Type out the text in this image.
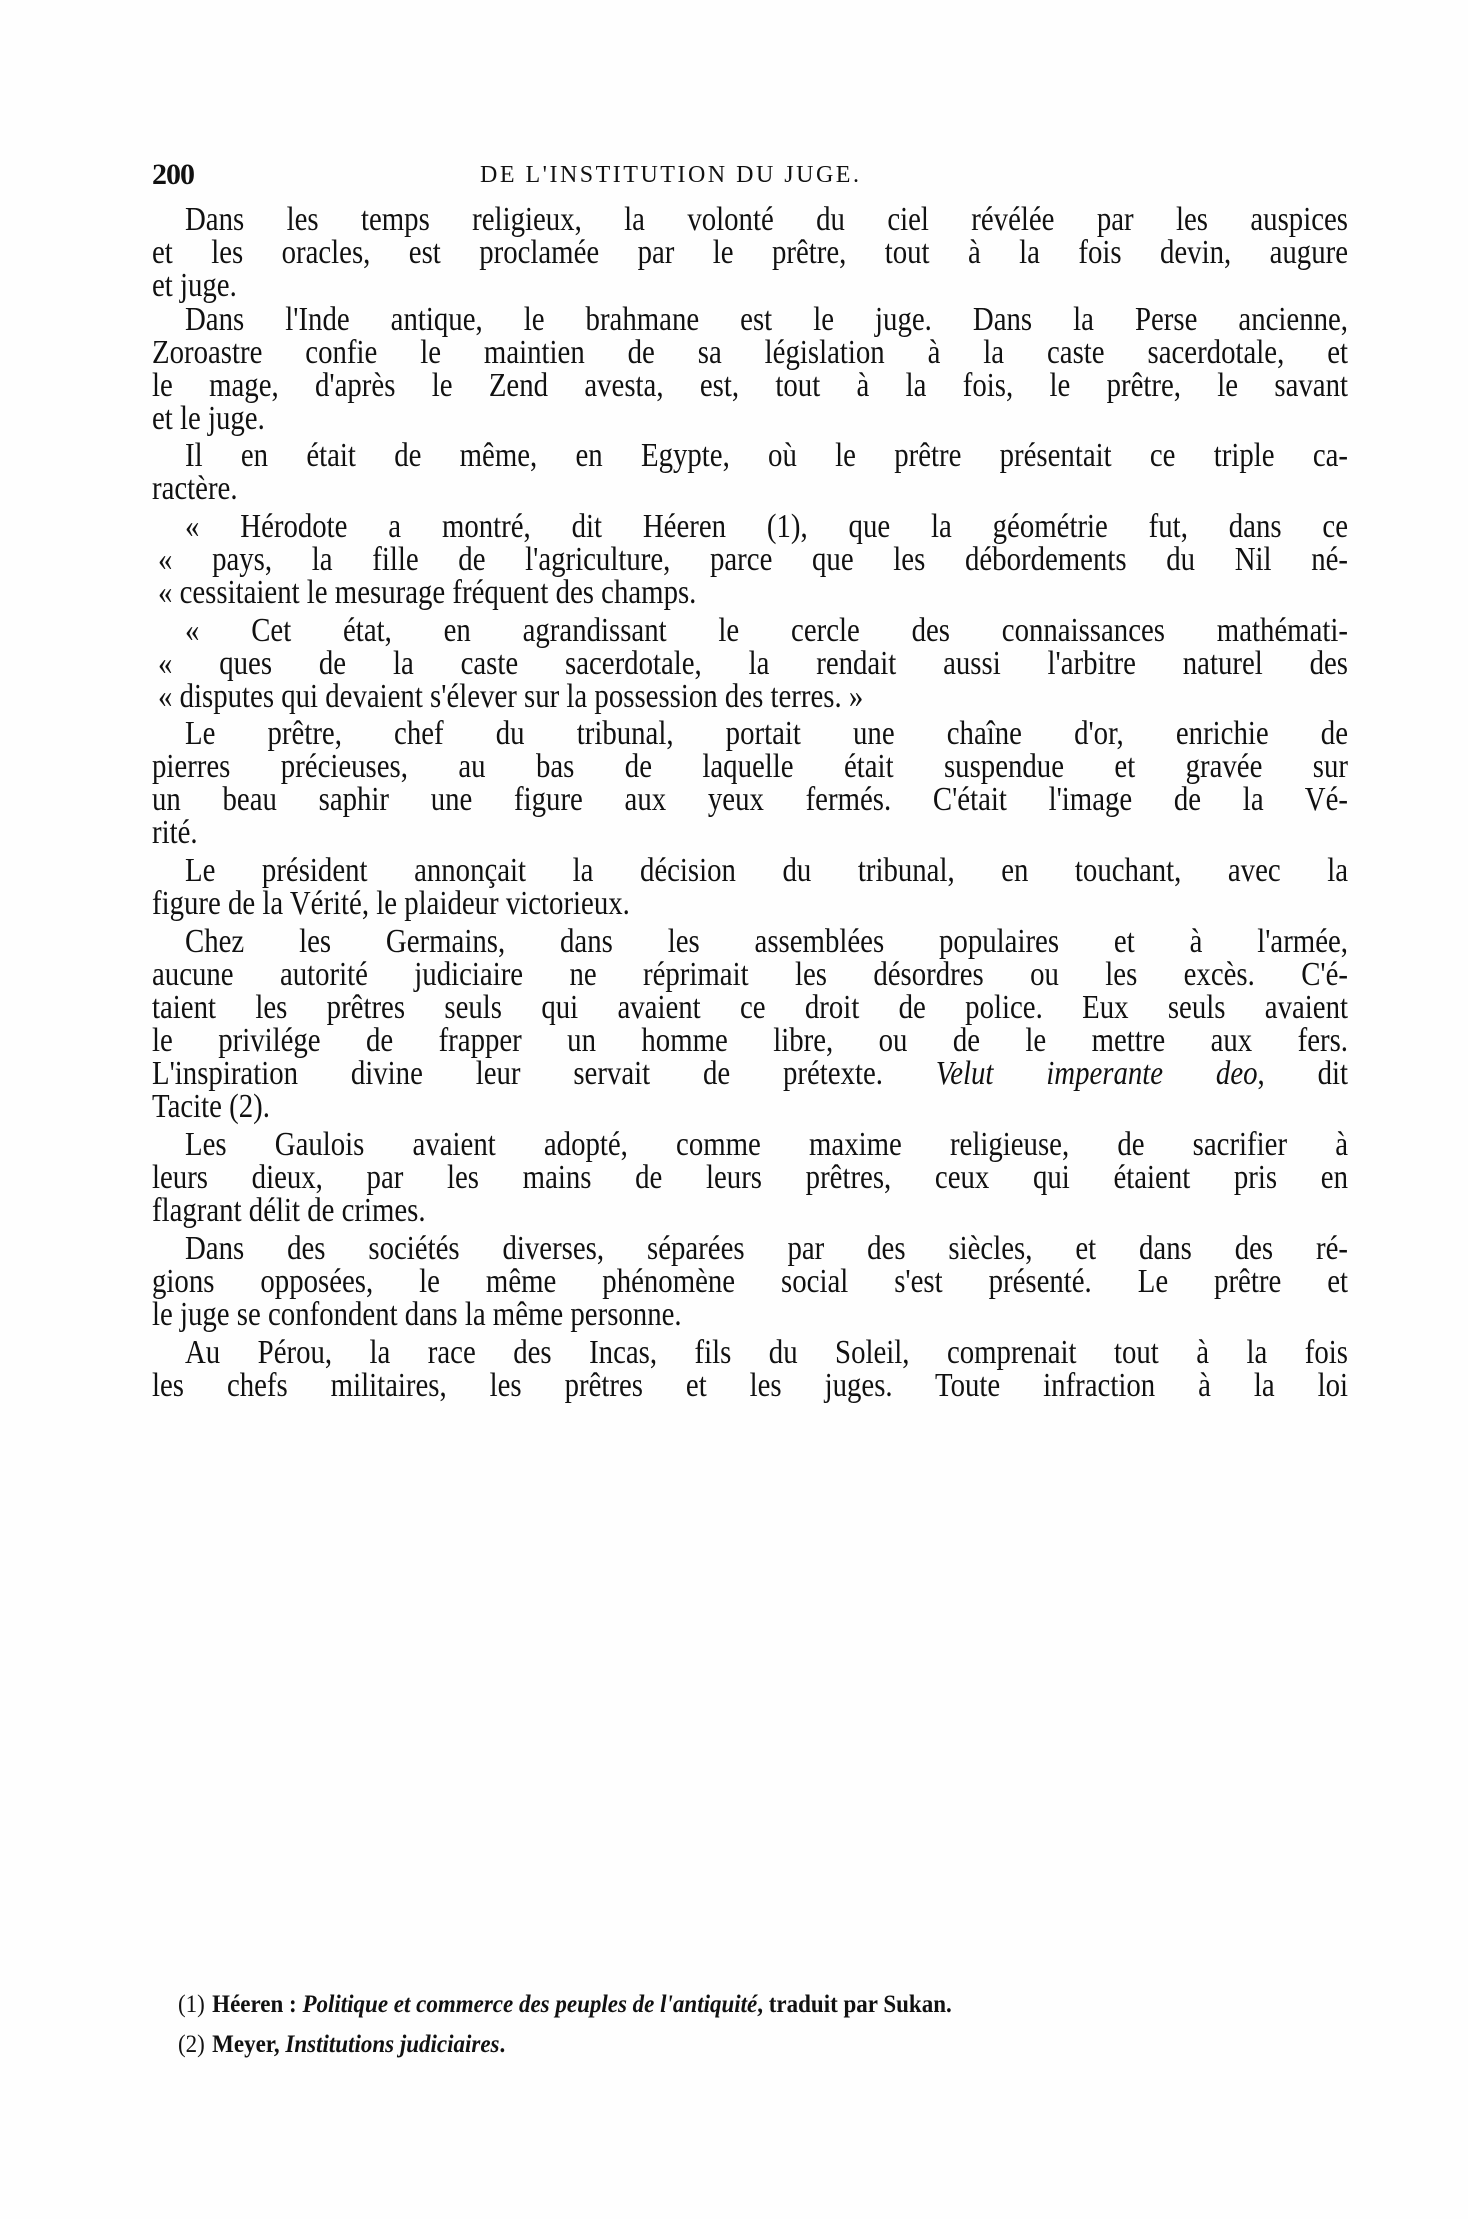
200	DE L'INSTITUTION DU JUGE.
Dans les temps religieux, la volonté du ciel révélée par les auspices
et les oracles, est proclamée par le prêtre, tout à la fois devin, augure
et juge.
Dans l'Inde antique, le brahmane est le juge. Dans la Perse ancienne,
Zoroastre confie le maintien de sa législation à la caste sacerdotale, et
le mage, d'après le Zend avesta, est, tout à la fois, le prêtre, le savant
et le juge.
Il en était de même, en Egypte, où le prêtre présentait ce triple ca-
ractère.
« Hérodote a montré, dit Héeren (1), que la géométrie fut, dans ce
« pays, la fille de l'agriculture, parce que les débordements du Nil né-
« cessitaient le mesurage fréquent des champs.
« Cet état, en agrandissant le cercle des connaissances mathémati-
« ques de la caste sacerdotale, la rendait aussi l'arbitre naturel des
« disputes qui devaient s'élever sur la possession des terres. »
Le prêtre, chef du tribunal, portait une chaîne d'or, enrichie de
pierres précieuses, au bas de laquelle était suspendue et gravée sur
un beau saphir une figure aux yeux fermés. C'était l'image de la Vé-
rité.
Le président annonçait la décision du tribunal, en touchant, avec la
figure de la Vérité, le plaideur victorieux.
Chez les Germains, dans les assemblées populaires et à l'armée,
aucune autorité judiciaire ne réprimait les désordres ou les excès. C'é-
taient les prêtres seuls qui avaient ce droit de police. Eux seuls avaient
le privilége de frapper un homme libre, ou de le mettre aux fers.
L'inspiration divine leur servait de prétexte. Velut imperante deo, dit
Tacite (2).
Les Gaulois avaient adopté, comme maxime religieuse, de sacrifier à
leurs dieux, par les mains de leurs prêtres, ceux qui étaient pris en
flagrant délit de crimes.
Dans des sociétés diverses, séparées par des siècles, et dans des ré-
gions opposées, le même phénomène social s'est présenté. Le prêtre et
le juge se confondent dans la même personne.
Au Pérou, la race des Incas, fils du Soleil, comprenait tout à la fois
les chefs militaires, les prêtres et les juges. Toute infraction à la loi
(1) Héeren : Politique et commerce des peuples de l'antiquité, traduit par Sukan.
(2) Meyer, Institutions judiciaires.
